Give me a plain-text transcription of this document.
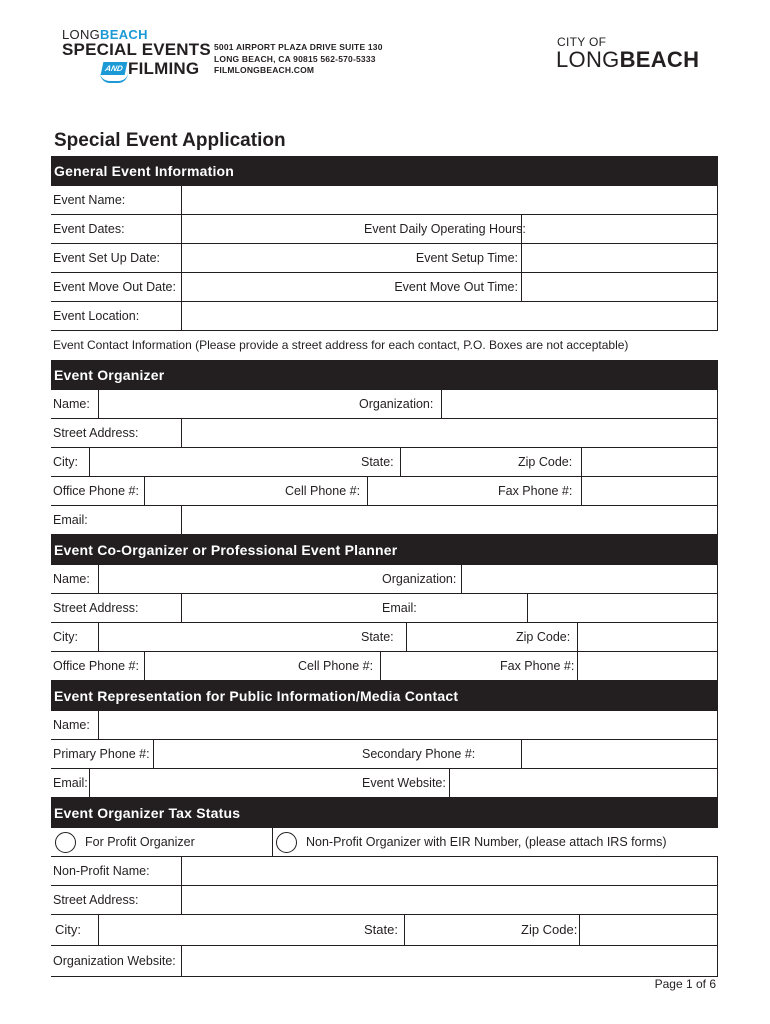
LONGBEACH
SPECIAL EVENTS
AND FILMING
5001 AIRPORT PLAZA DRIVE SUITE 130
LONG BEACH, CA 90815 562-570-5333
FILMLONGBEACH.COM
CITY OF
LONGBEACH
Special Event Application
General Event Information
Event Name:
Event Dates:	Event Daily Operating Hours:
Event Set Up Date:	Event Setup Time:
Event Move Out Date:	Event Move Out Time:
Event Location:
Event Contact Information (Please provide a street address for each contact, P.O. Boxes are not acceptable)
Event Organizer
Name:	Organization:
Street Address:
City:	State:	Zip Code:
Office Phone #:	Cell Phone #:	Fax Phone #:
Email:
Event Co-Organizer or Professional Event Planner
Name:	Organization:
Street Address:	Email:
City:	State:	Zip Code:
Office Phone #:	Cell Phone #:	Fax Phone #:
Event Representation for Public Information/Media Contact
Name:
Primary Phone #:	Secondary Phone #:
Email:	Event Website:
Event Organizer Tax Status
For Profit Organizer	Non-Profit Organizer with EIR Number, (please attach IRS forms)
Non-Profit Name:
Street Address:
City:	State:	Zip Code:
Organization Website:
Page 1 of 6
